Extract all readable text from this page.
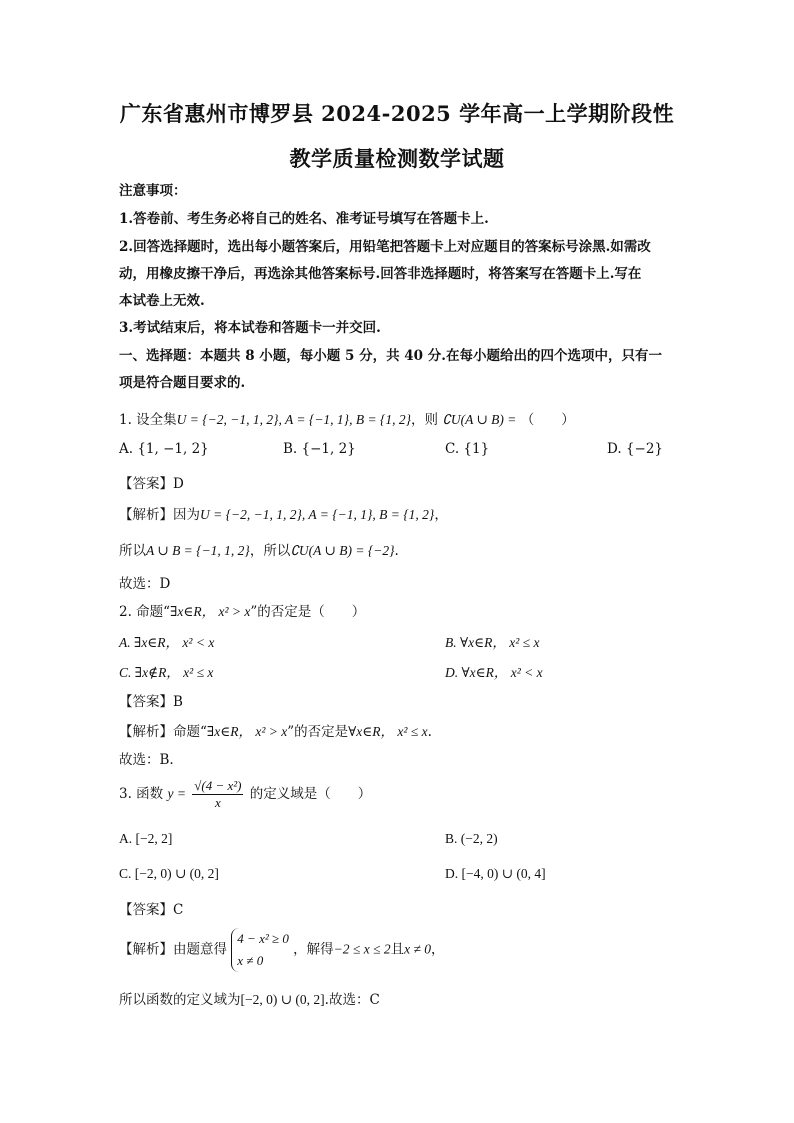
广东省惠州市博罗县 2024-2025 学年高一上学期阶段性
教学质量检测数学试题
注意事项：
1.答卷前、考生务必将自己的姓名、准考证号填写在答题卡上.
2.回答选择题时，选出每小题答案后，用铅笔把答题卡上对应题目的答案标号涂黑.如需改
动，用橡皮擦干净后，再选涂其他答案标号.回答非选择题时，将答案写在答题卡上.写在
本试卷上无效.
3.考试结束后，将本试卷和答题卡一并交回.
一、选择题：本题共 8 小题，每小题 5 分，共 40 分.在每小题给出的四个选项中，只有一
项是符合题目要求的.
1. 设全集U = {−2, −1, 1, 2}, A = {−1, 1}, B = {1, 2}，则 ∁U(A ∪ B) = （　　）
A. {1, −1, 2}	B. {−1, 2}	C. {1}	D. {−2}
【答案】D
【解析】因为U = {−2, −1, 1, 2}, A = {−1, 1}, B = {1, 2}，
所以A ∪ B = {−1, 1, 2}，所以∁U(A ∪ B) = {−2}.
故选：D
2. 命题“∃x∈R， x² > x”的否定是（　　）
A. ∃x∈R， x² < x	B. ∀x∈R， x² ≤ x
C. ∃x∉R， x² ≤ x	D. ∀x∈R， x² < x
【答案】B
【解析】命题“∃x∈R， x² > x”的否定是∀x∈R， x² ≤ x.
故选：B.
3. 函数 $y = \frac{\text{√(4 − x²)}}{x}$ 的定义域是（　　）
A. [−2, 2]	B. (−2, 2)
C. [−2, 0) ∪ (0, 2]	D. [−4, 0) ∪ (0, 4]
【答案】C
【解析】由题意得
4 − x² ≥ 0
x ≠ 0
，解得−2 ≤ x ≤ 2且x ≠ 0，
所以函数的定义域为[−2, 0) ∪ (0, 2].故选：C
